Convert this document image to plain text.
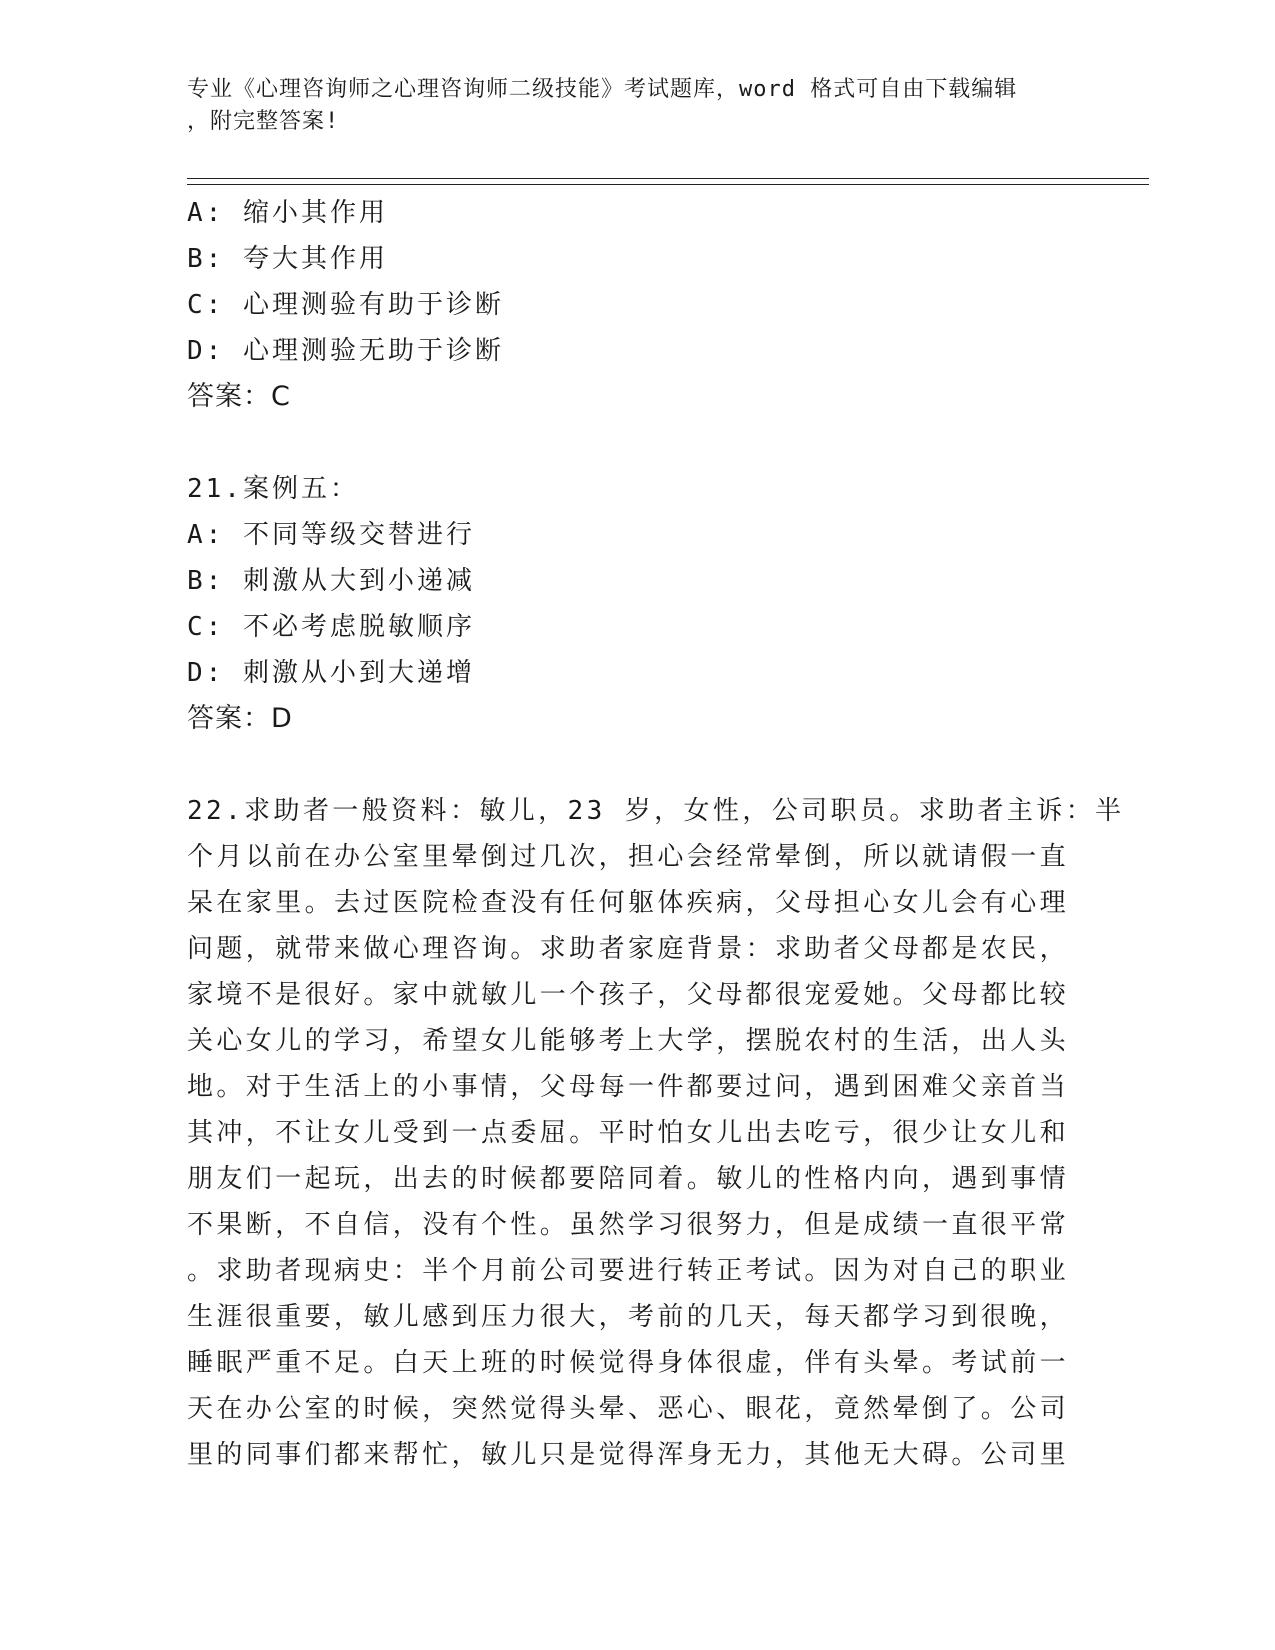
专业《心理咨询师之心理咨询师二级技能》考试题库，word 格式可自由下载编辑
，附完整答案!
A: 缩小其作用
B: 夸大其作用
C: 心理测验有助于诊断
D: 心理测验无助于诊断
答案：C
21.案例五：
A: 不同等级交替进行
B: 刺激从大到小递减
C: 不必考虑脱敏顺序
D: 刺激从小到大递增
答案：D
22.求助者一般资料：敏儿，23 岁，女性，公司职员。求助者主诉：半
个月以前在办公室里晕倒过几次，担心会经常晕倒，所以就请假一直
呆在家里。去过医院检查没有任何躯体疾病，父母担心女儿会有心理
问题，就带来做心理咨询。求助者家庭背景：求助者父母都是农民，
家境不是很好。家中就敏儿一个孩子，父母都很宠爱她。父母都比较
关心女儿的学习，希望女儿能够考上大学，摆脱农村的生活，出人头
地。对于生活上的小事情，父母每一件都要过问，遇到困难父亲首当
其冲，不让女儿受到一点委屈。平时怕女儿出去吃亏，很少让女儿和
朋友们一起玩，出去的时候都要陪同着。敏儿的性格内向，遇到事情
不果断，不自信，没有个性。虽然学习很努力，但是成绩一直很平常
。求助者现病史：半个月前公司要进行转正考试。因为对自己的职业
生涯很重要，敏儿感到压力很大，考前的几天，每天都学习到很晚，
睡眠严重不足。白天上班的时候觉得身体很虚，伴有头晕。考试前一
天在办公室的时候，突然觉得头晕、恶心、眼花，竟然晕倒了。公司
里的同事们都来帮忙，敏儿只是觉得浑身无力，其他无大碍。公司里
